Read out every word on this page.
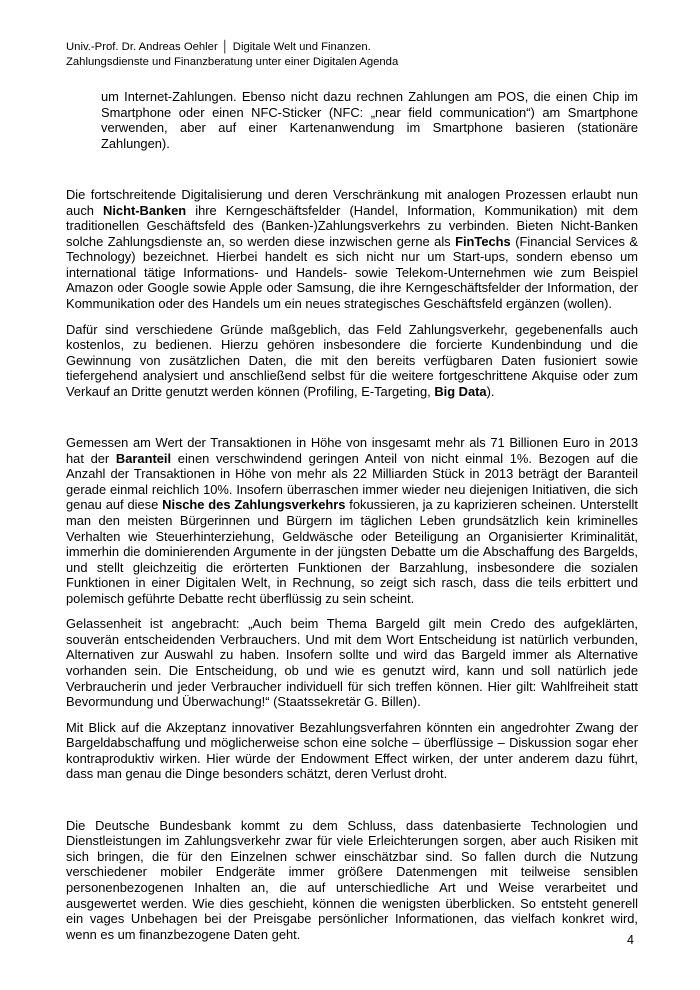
Univ.-Prof. Dr. Andreas Oehler │ Digitale Welt und Finanzen.
Zahlungsdienste und Finanzberatung unter einer Digitalen Agenda

um Internet-Zahlungen. Ebenso nicht dazu rechnen Zahlungen am POS, die einen Chip im Smartphone oder einen NFC-Sticker (NFC: „near field communication“) am Smartphone verwenden, aber auf einer Kartenanwendung im Smartphone basieren (stationäre Zahlungen).

Die fortschreitende Digitalisierung und deren Verschränkung mit analogen Prozessen erlaubt nun auch Nicht-Banken ihre Kerngeschäftsfelder (Handel, Information, Kommunikation) mit dem traditionellen Geschäftsfeld des (Banken-)Zahlungsverkehrs zu verbinden. Bieten Nicht-Banken solche Zahlungsdienste an, so werden diese inzwischen gerne als FinTechs (Financial Services & Technology) bezeichnet. Hierbei handelt es sich nicht nur um Start-ups, sondern ebenso um international tätige Informations- und Handels- sowie Telekom-Unternehmen wie zum Beispiel Amazon oder Google sowie Apple oder Samsung, die ihre Kerngeschäftsfelder der Information, der Kommunikation oder des Handels um ein neues strategisches Geschäftsfeld ergänzen (wollen).

Dafür sind verschiedene Gründe maßgeblich, das Feld Zahlungsverkehr, gegebenenfalls auch kostenlos, zu bedienen. Hierzu gehören insbesondere die forcierte Kundenbindung und die Gewinnung von zusätzlichen Daten, die mit den bereits verfügbaren Daten fusioniert sowie tiefergehend analysiert und anschließend selbst für die weitere fortgeschrittene Akquise oder zum Verkauf an Dritte genutzt werden können (Profiling, E-Targeting, Big Data).

Gemessen am Wert der Transaktionen in Höhe von insgesamt mehr als 71 Billionen Euro in 2013 hat der Baranteil einen verschwindend geringen Anteil von nicht einmal 1%. Bezogen auf die Anzahl der Transaktionen in Höhe von mehr als 22 Milliarden Stück in 2013 beträgt der Baranteil gerade einmal reichlich 10%. Insofern überraschen immer wieder neu diejenigen Initiativen, die sich genau auf diese Nische des Zahlungsverkehrs fokussieren, ja zu kaprizieren scheinen. Unterstellt man den meisten Bürgerinnen und Bürgern im täglichen Leben grundsätzlich kein kriminelles Verhalten wie Steuerhinterziehung, Geldwäsche oder Beteiligung an Organisierter Kriminalität, immerhin die dominierenden Argumente in der jüngsten Debatte um die Abschaffung des Bargelds, und stellt gleichzeitig die erörterten Funktionen der Barzahlung, insbesondere die sozialen Funktionen in einer Digitalen Welt, in Rechnung, so zeigt sich rasch, dass die teils erbittert und polemisch geführte Debatte recht überflüssig zu sein scheint.

Gelassenheit ist angebracht: „Auch beim Thema Bargeld gilt mein Credo des aufgeklärten, souverän entscheidenden Verbrauchers. Und mit dem Wort Entscheidung ist natürlich verbunden, Alternativen zur Auswahl zu haben. Insofern sollte und wird das Bargeld immer als Alternative vorhanden sein. Die Entscheidung, ob und wie es genutzt wird, kann und soll natürlich jede Verbraucherin und jeder Verbraucher individuell für sich treffen können. Hier gilt: Wahlfreiheit statt Bevormundung und Überwachung!“ (Staatssekretär G. Billen).

Mit Blick auf die Akzeptanz innovativer Bezahlungsverfahren könnten ein angedrohter Zwang der Bargeldabschaffung und möglicherweise schon eine solche – überflüssige – Diskussion sogar eher kontraproduktiv wirken. Hier würde der Endowment Effect wirken, der unter anderem dazu führt, dass man genau die Dinge besonders schätzt, deren Verlust droht.

Die Deutsche Bundesbank kommt zu dem Schluss, dass datenbasierte Technologien und Dienstleistungen im Zahlungsverkehr zwar für viele Erleichterungen sorgen, aber auch Risiken mit sich bringen, die für den Einzelnen schwer einschätzbar sind. So fallen durch die Nutzung verschiedener mobiler Endgeräte immer größere Datenmengen mit teilweise sensiblen personenbezogenen Inhalten an, die auf unterschiedliche Art und Weise verarbeitet und ausgewertet werden. Wie dies geschieht, können die wenigsten überblicken. So entsteht generell ein vages Unbehagen bei der Preisgabe persönlicher Informationen, das vielfach konkret wird, wenn es um finanzbezogene Daten geht.	4
